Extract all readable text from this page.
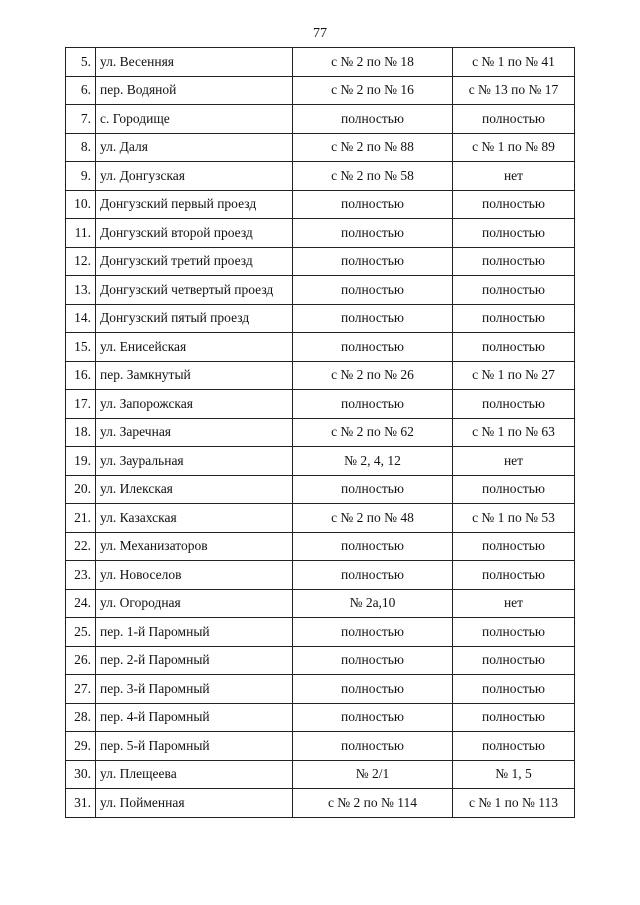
77
5.	ул. Весенняя	с № 2 по № 18	с № 1 по № 41
6.	пер. Водяной	с № 2 по № 16	с № 13 по № 17
7.	с. Городище	полностью	полностью
8.	ул. Даля	с № 2 по № 88	с № 1 по № 89
9.	ул. Донгузская	с № 2 по № 58	нет
10.	Донгузский первый проезд	полностью	полностью
11.	Донгузский второй проезд	полностью	полностью
12.	Донгузский третий проезд	полностью	полностью
13.	Донгузский четвертый проезд	полностью	полностью
14.	Донгузский пятый проезд	полностью	полностью
15.	ул. Енисейская	полностью	полностью
16.	пер. Замкнутый	с № 2 по № 26	с № 1 по № 27
17.	ул. Запорожская	полностью	полностью
18.	ул. Заречная	с № 2 по № 62	с № 1 по № 63
19.	ул. Зауральная	№ 2, 4, 12	нет
20.	ул. Илекская	полностью	полностью
21.	ул. Казахская	с № 2 по № 48	с № 1 по № 53
22.	ул. Механизаторов	полностью	полностью
23.	ул. Новоселов	полностью	полностью
24.	ул. Огородная	№ 2а,10	нет
25.	пер. 1-й Паромный	полностью	полностью
26.	пер. 2-й Паромный	полностью	полностью
27.	пер. 3-й Паромный	полностью	полностью
28.	пер. 4-й Паромный	полностью	полностью
29.	пер. 5-й Паромный	полностью	полностью
30.	ул. Плещеева	№ 2/1	№ 1, 5
31.	ул. Пойменная	с № 2 по № 114	с № 1 по № 113
